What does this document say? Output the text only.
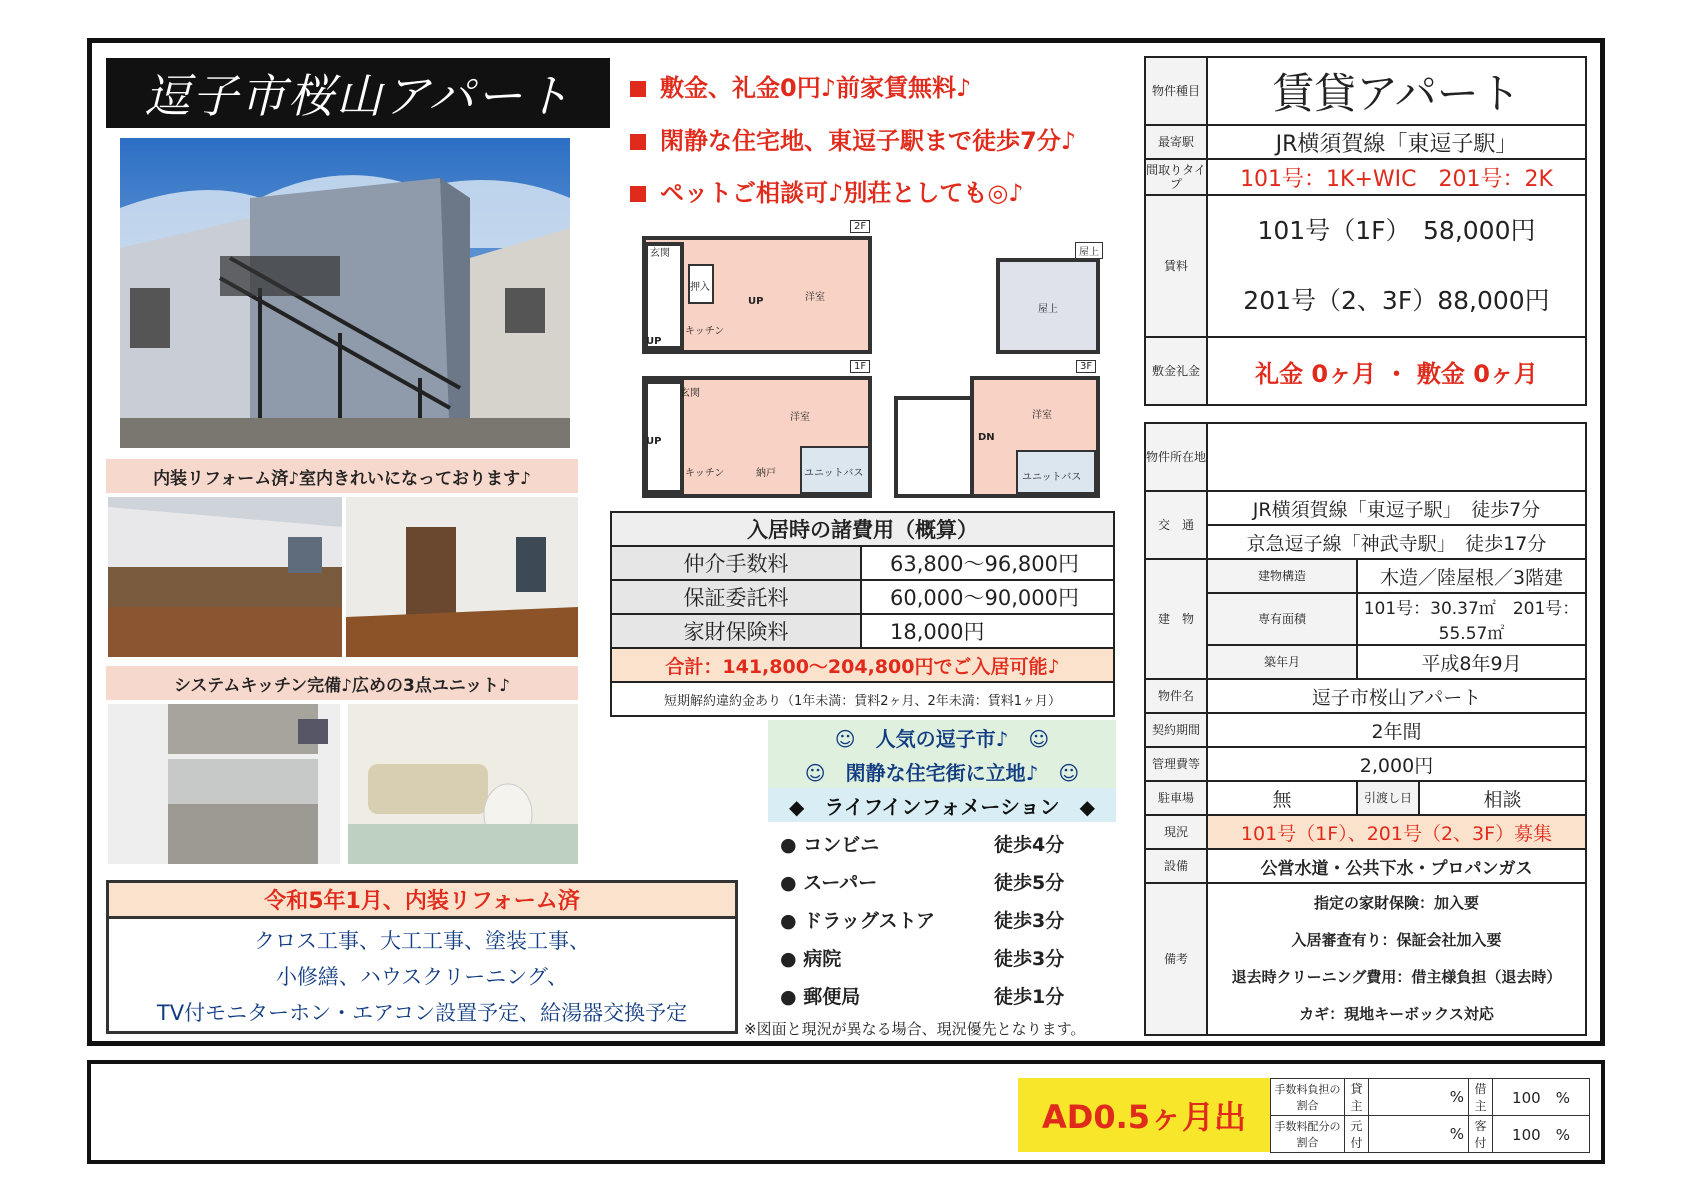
逗子市桜山アパート	敷金、礼金0円♪前家賃無料♪
閑静な住宅地、東逗子駅まで徒歩7分♪
ペットご相談可♪別荘としても◎♪
内装リフォーム済♪室内きれいになっております♪
システムキッチン完備♪広めの3点ユニット♪
2F
玄関
押入
キッチン
洋室
UP
UP
屋上
屋上
1F
玄関
洋室
キッチン	納戸	ユニットバス
UP
3F
洋室
DN
ユニットバス
入居時の諸費用（概算）	
仲介手数料	63,800～96,800円
保証委託料	60,000～90,000円
家財保険料	18,000円
合計：141,800～204,800円でご入居可能♪	
短期解約違約金あり（1年未満：賃料2ヶ月、2年未満：賃料1ヶ月）	
☺　人気の逗子市♪　☺
☺　閑静な住宅街に立地♪　☺
◆　ライフインフォメーション　◆
● コンビニ	徒歩4分
● スーパー	徒歩5分
● ドラッグストア	徒歩3分
● 病院	徒歩3分
● 郵便局	徒歩1分
※図面と現況が異なる場合、現況優先となります。
令和5年1月、内装リフォーム済
クロス工事、大工工事、塗装工事、
小修繕、ハウスクリーニング、
TV付モニターホン・エアコン設置予定、給湯器交換予定
物件種目	賃貸アパート		
最寄駅	JR横須賀線「東逗子駅」		
間取りタイプ	101号：1K+WIC　201号：2K		
賃料	101号（1F）　58,000円
201号（2、3F）88,000円		

敷金礼金	礼金 0ヶ月 ・ 敷金 0ヶ月		

物件所在地			
交　通	JR横須賀線「東逗子駅」　徒歩7分		
	京急逗子線「神武寺駅」　徒歩17分		
建　物	建物構造	木造／陸屋根／3階建	
	専有面積	101号：30.37㎡　201号：55.57㎡	
	築年月	平成8年9月	
物件名	逗子市桜山アパート		
契約期間	2年間		
管理費等	2,000円		
駐車場	無	引渡し日	相談
現況	101号（1F）、201号（2、3F）募集		
設備	公営水道・公共下水・プロパンガス		
備考	指定の家財保険：加入要
入居審査有り：保証会社加入要
退去時クリーニング費用：借主様負担（退去時）
カギ：現地キーボックス対応		
AD0.5ヶ月出
手数料負担の割合	貸主	%	借主	100　 %
手数料配分の割合	元付	%	客付	100　 %
